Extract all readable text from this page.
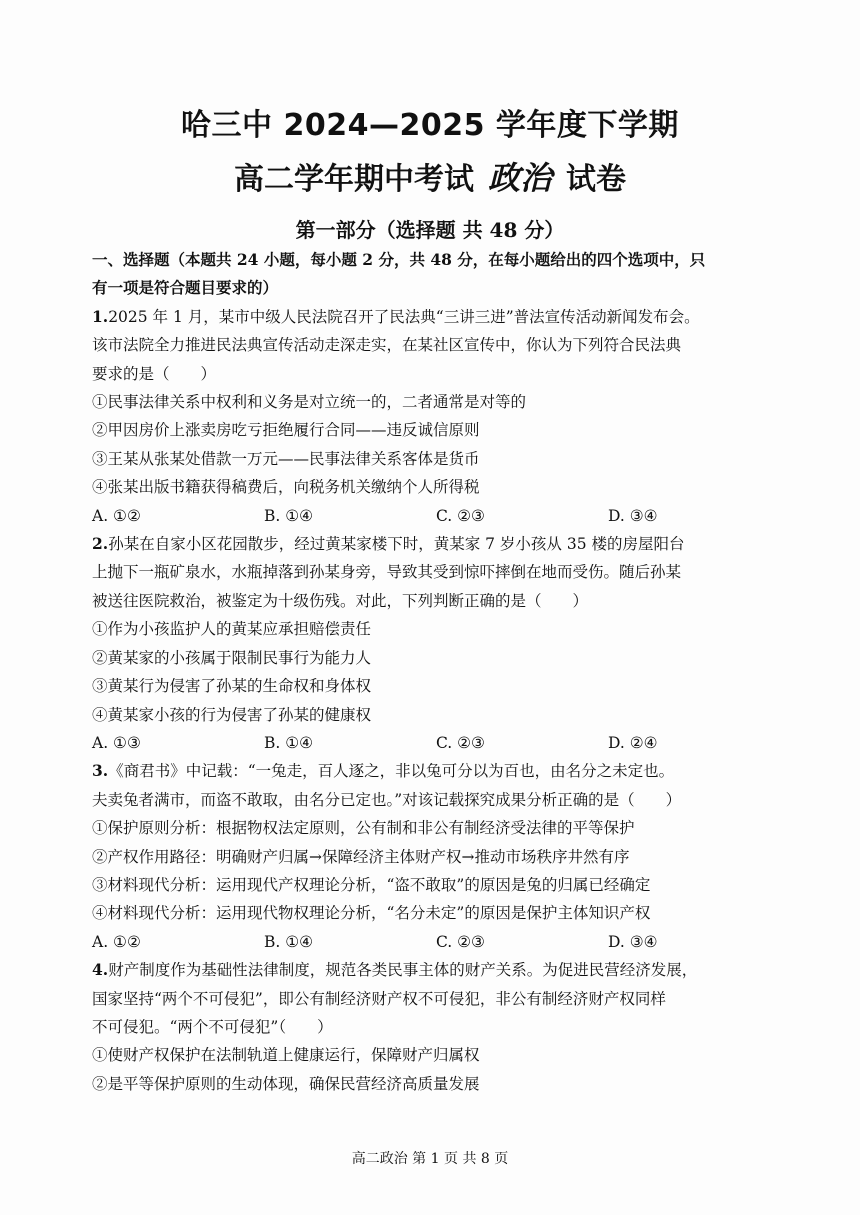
哈三中 2024—2025 学年度下学期
高二学年期中考试 政治 试卷
第一部分（选择题 共 48 分）
一、选择题（本题共 24 小题，每小题 2 分，共 48 分，在每小题给出的四个选项中，只
有一项是符合题目要求的）
1.2025 年 1 月，某市中级人民法院召开了民法典“三讲三进”普法宣传活动新闻发布会。
该市法院全力推进民法典宣传活动走深走实，在某社区宣传中，你认为下列符合民法典
要求的是（　　）
①民事法律关系中权利和义务是对立统一的，二者通常是对等的
②甲因房价上涨卖房吃亏拒绝履行合同——违反诚信原则
③王某从张某处借款一万元——民事法律关系客体是货币
④张某出版书籍获得稿费后，向税务机关缴纳个人所得税
A. ①②	B. ①④	C. ②③	D. ③④
2.孙某在自家小区花园散步，经过黄某家楼下时，黄某家 7 岁小孩从 35 楼的房屋阳台
上抛下一瓶矿泉水，水瓶掉落到孙某身旁，导致其受到惊吓摔倒在地而受伤。随后孙某
被送往医院救治，被鉴定为十级伤残。对此，下列判断正确的是（　　）
①作为小孩监护人的黄某应承担赔偿责任
②黄某家的小孩属于限制民事行为能力人
③黄某行为侵害了孙某的生命权和身体权
④黄某家小孩的行为侵害了孙某的健康权
A. ①③	B. ①④	C. ②③	D. ②④
3.《商君书》中记载：“一兔走，百人逐之，非以兔可分以为百也，由名分之未定也。
夫卖兔者满市，而盗不敢取，由名分已定也。”对该记载探究成果分析正确的是（　　）
①保护原则分析：根据物权法定原则，公有制和非公有制经济受法律的平等保护
②产权作用路径：明确财产归属→保障经济主体财产权→推动市场秩序井然有序
③材料现代分析：运用现代产权理论分析，“盗不敢取”的原因是兔的归属已经确定
④材料现代分析：运用现代物权理论分析，“名分未定”的原因是保护主体知识产权
A. ①②	B. ①④	C. ②③	D. ③④
4.财产制度作为基础性法律制度，规范各类民事主体的财产关系。为促进民营经济发展，
国家坚持“两个不可侵犯”，即公有制经济财产权不可侵犯，非公有制经济财产权同样
不可侵犯。“两个不可侵犯”（　　）
①使财产权保护在法制轨道上健康运行，保障财产归属权
②是平等保护原则的生动体现，确保民营经济高质量发展
高二政治 第 1 页 共 8 页
